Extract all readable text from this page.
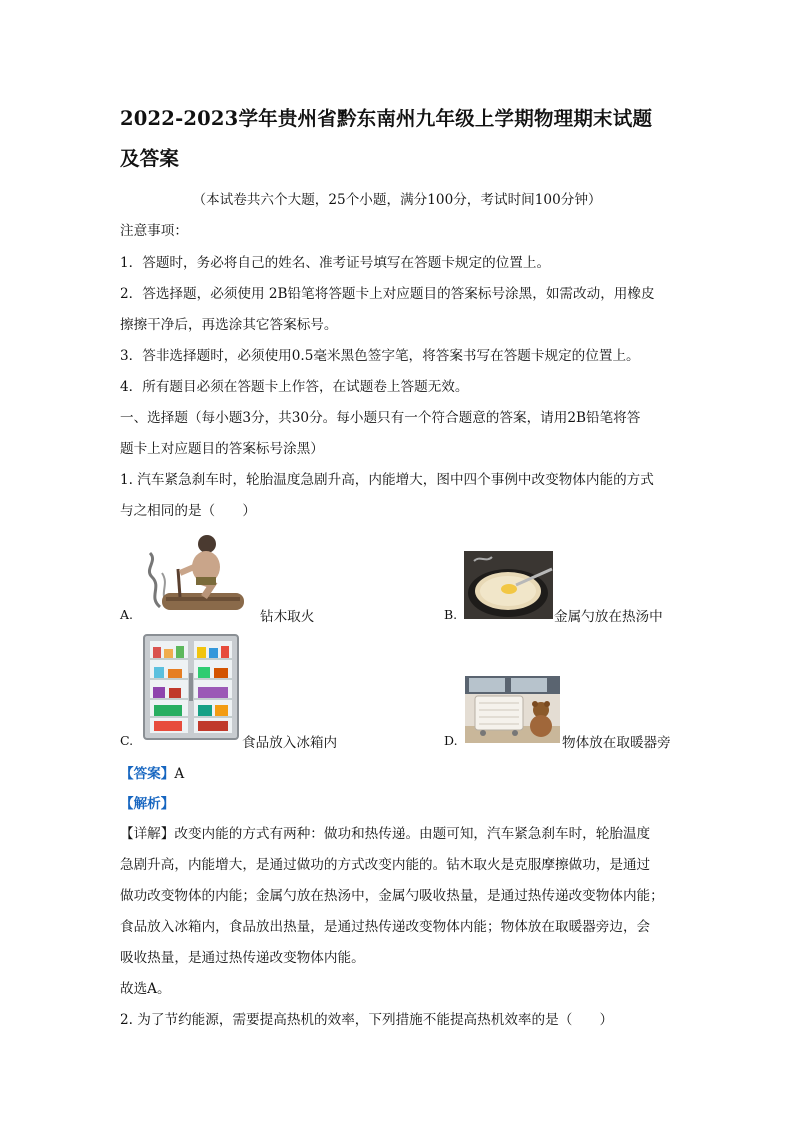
2022-2023学年贵州省黔东南州九年级上学期物理期末试题
及答案
（本试卷共六个大题，25个小题，满分100分，考试时间100分钟）
注意事项：
1．答题时，务必将自己的姓名、准考证号填写在答题卡规定的位置上。
2．答选择题，必须使用 2B铅笔将答题卡上对应题目的答案标号涂黑，如需改动，用橡皮
擦擦干净后，再选涂其它答案标号。
3．答非选择题时，必须使用0.5毫米黑色签字笔，将答案书写在答题卡规定的位置上。
4．所有题目必须在答题卡上作答，在试题卷上答题无效。
一、选择题（每小题3分，共30分。每小题只有一个符合题意的答案，请用2B铅笔将答
题卡上对应题目的答案标号涂黑）
1. 汽车紧急刹车时，轮胎温度急剧升高，内能增大，图中四个事例中改变物体内能的方式
与之相同的是（　　）
A.	钻木取火	B.	金属勺放在热汤中
C.	食品放入冰箱内	D.	物体放在取暖器旁
【答案】A
【解析】
【详解】改变内能的方式有两种：做功和热传递。由题可知，汽车紧急刹车时，轮胎温度
急剧升高，内能增大，是通过做功的方式改变内能的。钻木取火是克服摩擦做功，是通过
做功改变物体的内能；金属勺放在热汤中，金属勺吸收热量，是通过热传递改变物体内能；
食品放入冰箱内，食品放出热量，是通过热传递改变物体内能；物体放在取暖器旁边，会
吸收热量，是通过热传递改变物体内能。
故选A。
2. 为了节约能源，需要提高热机的效率，下列措施不能提高热机效率的是（　　）
